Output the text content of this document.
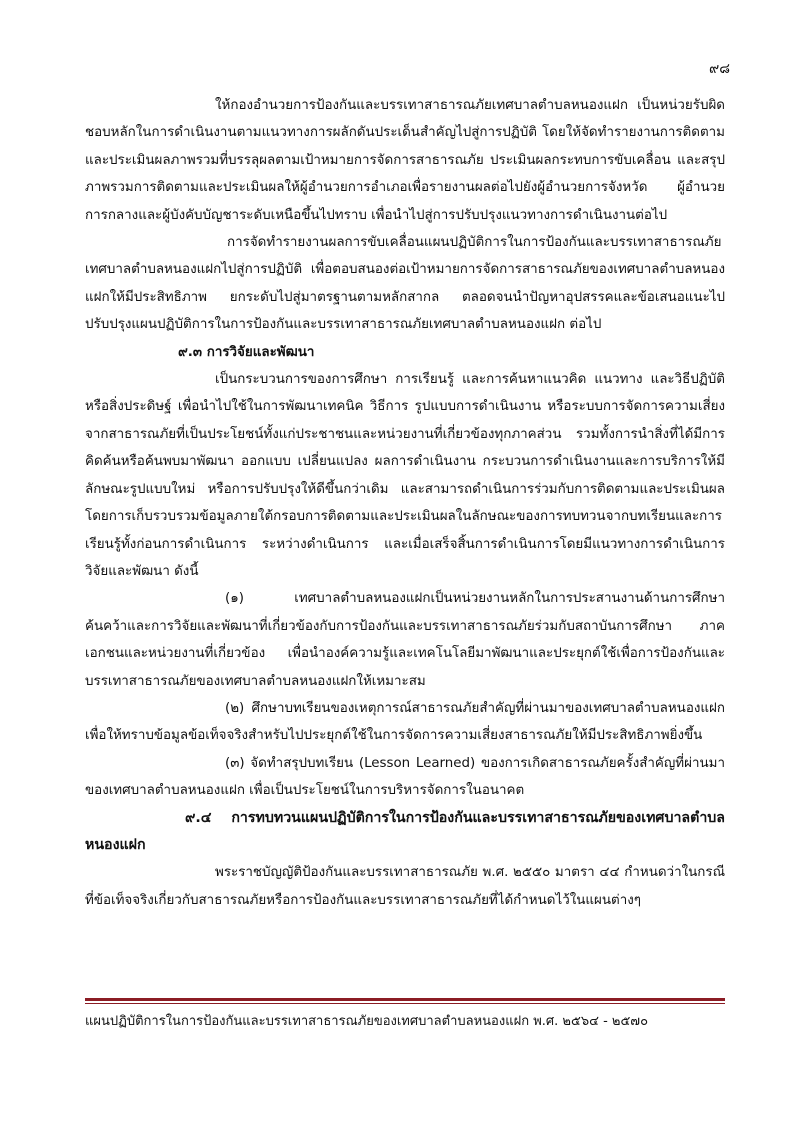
๙๘

ให้กองอำนวยการป้องกันและบรรเทาสาธารณภัยเทศบาลตำบลหนองแฝก เป็นหน่วยรับผิดชอบหลักในการดำเนินงานตามแนวทางการผลักดันประเด็นสำคัญไปสู่การปฏิบัติ โดยให้จัดทำรายงานการติดตามและประเมินผลภาพรวมที่บรรลุผลตามเป้าหมายการจัดการสาธารณภัย ประเมินผลกระทบการขับเคลื่อน และสรุปภาพรวมการติดตามและประเมินผลให้ผู้อำนวยการอำเภอเพื่อรายงานผลต่อไปยังผู้อำนวยการจังหวัด ผู้อำนวยการกลางและผู้บังคับบัญชาระดับเหนือขึ้นไปทราบ เพื่อนำไปสู่การปรับปรุงแนวทางการดำเนินงานต่อไป

การจัดทำรายงานผลการขับเคลื่อนแผนปฏิบัติการในการป้องกันและบรรเทาสาธารณภัยเทศบาลตำบลหนองแฝกไปสู่การปฏิบัติ เพื่อตอบสนองต่อเป้าหมายการจัดการสาธารณภัยของเทศบาลตำบลหนองแฝกให้มีประสิทธิภาพ ยกระดับไปสู่มาตรฐานตามหลักสากล ตลอดจนนำปัญหาอุปสรรคและข้อเสนอแนะไปปรับปรุงแผนปฏิบัติการในการป้องกันและบรรเทาสาธารณภัยเทศบาลตำบลหนองแฝก ต่อไป

๙.๓ การวิจัยและพัฒนา

เป็นกระบวนการของการศึกษา การเรียนรู้ และการค้นหาแนวคิด แนวทาง และวิธีปฏิบัติหรือสิ่งประดิษฐ์ เพื่อนำไปใช้ในการพัฒนาเทคนิค วิธีการ รูปแบบการดำเนินงาน หรือระบบการจัดการความเสี่ยงจากสาธารณภัยที่เป็นประโยชน์ทั้งแก่ประชาชนและหน่วยงานที่เกี่ยวข้องทุกภาคส่วน รวมทั้งการนำสิ่งที่ได้มีการคิดค้นหรือค้นพบมาพัฒนา ออกแบบ เปลี่ยนแปลง ผลการดำเนินงาน กระบวนการดำเนินงานและการบริการให้มีลักษณะรูปแบบใหม่ หรือการปรับปรุงให้ดีขึ้นกว่าเดิม และสามารถดำเนินการร่วมกับการติดตามและประเมินผล โดยการเก็บรวบรวมข้อมูลภายใต้กรอบการติดตามและประเมินผลในลักษณะของการทบทวนจากบทเรียนและการเรียนรู้ทั้งก่อนการดำเนินการ ระหว่างดำเนินการ และเมื่อเสร็จสิ้นการดำเนินการโดยมีแนวทางการดำเนินการวิจัยและพัฒนา ดังนี้

(๑) เทศบาลตำบลหนองแฝกเป็นหน่วยงานหลักในการประสานงานด้านการศึกษา ค้นคว้าและการวิจัยและพัฒนาที่เกี่ยวข้องกับการป้องกันและบรรเทาสาธารณภัยร่วมกับสถาบันการศึกษา ภาคเอกชนและหน่วยงานที่เกี่ยวข้อง เพื่อนำองค์ความรู้และเทคโนโลยีมาพัฒนาและประยุกต์ใช้เพื่อการป้องกันและบรรเทาสาธารณภัยของเทศบาลตำบลหนองแฝกให้เหมาะสม

(๒) ศึกษาบทเรียนของเหตุการณ์สาธารณภัยสำคัญที่ผ่านมาของเทศบาลตำบลหนองแฝกเพื่อให้ทราบข้อมูลข้อเท็จจริงสำหรับไปประยุกต์ใช้ในการจัดการความเสี่ยงสาธารณภัยให้มีประสิทธิภาพยิ่งขึ้น

(๓) จัดทำสรุปบทเรียน (Lesson Learned) ของการเกิดสาธารณภัยครั้งสำคัญที่ผ่านมาของเทศบาลตำบลหนองแฝก เพื่อเป็นประโยชน์ในการบริหารจัดการในอนาคต

๙.๔ การทบทวนแผนปฏิบัติการในการป้องกันและบรรเทาสาธารณภัยของเทศบาลตำบลหนองแฝก

พระราชบัญญัติป้องกันและบรรเทาสาธารณภัย พ.ศ. ๒๕๕๐ มาตรา ๔๔ กำหนดว่าในกรณีที่ข้อเท็จจริงเกี่ยวกับสาธารณภัยหรือการป้องกันและบรรเทาสาธารณภัยที่ได้กำหนดไว้ในแผนต่างๆ

แผนปฏิบัติการในการป้องกันและบรรเทาสาธารณภัยของเทศบาลตำบลหนองแฝก พ.ศ. ๒๕๖๔ - ๒๕๗๐
